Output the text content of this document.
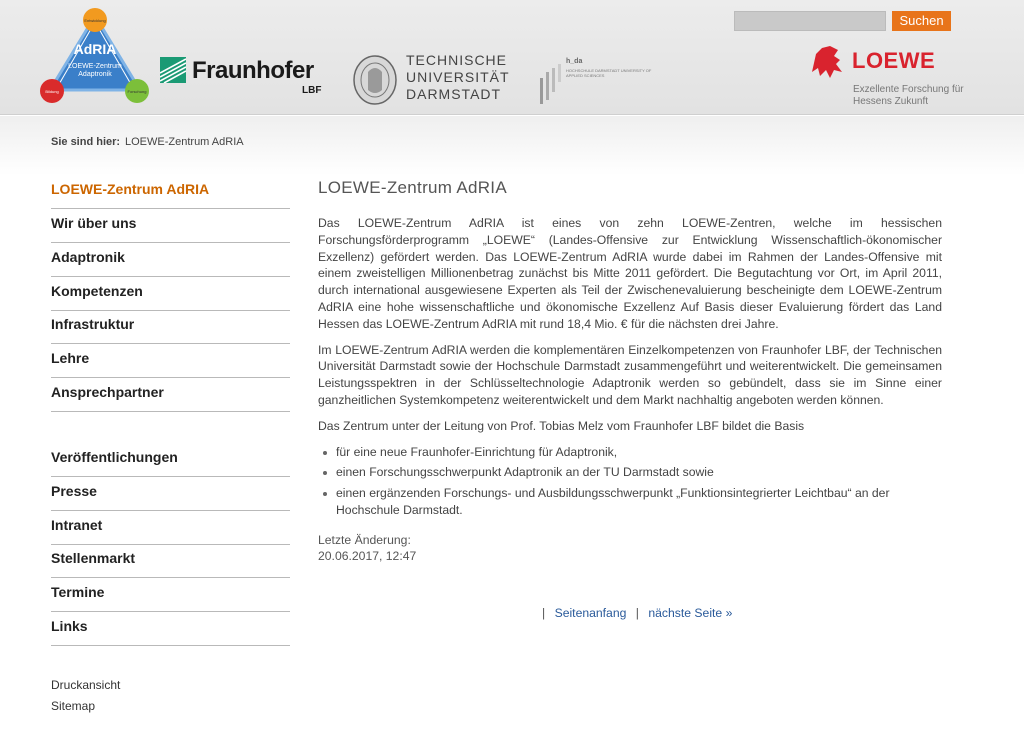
Suchen
AdRIA
LOEWE-Zentrum
Adaptronik
Entwicklung
Bildung	Forschung
Fraunhofer
LBF
TECHNISCHE
UNIVERSITÄT
DARMSTADT
h_da
HOCHSCHULE DARMSTADT UNIVERSITY OF APPLIED SCIENCES
LOEWE
Exzellente Forschung für
Hessens Zukunft
Sie sind hier: LOEWE-Zentrum AdRIA
LOEWE-Zentrum AdRIA
Wir über uns
Adaptronik
Kompetenzen
Infrastruktur
Lehre
Ansprechpartner
Veröffentlichungen
Presse
Intranet
Stellenmarkt
Termine
Links
Druckansicht
Sitemap
LOEWE-Zentrum AdRIA

Das LOEWE-Zentrum AdRIA ist eines von zehn LOEWE-Zentren, welche im hessischen Forschungsförderprogramm „LOEWE“ (Landes-Offensive zur Entwicklung Wissenschaftlich-ökonomischer Exzellenz) gefördert werden. Das LOEWE-Zentrum AdRIA wurde dabei im Rahmen der Landes-Offensive mit einem zweistelligen Millionenbetrag zunächst bis Mitte 2011 gefördert. Die Begutachtung vor Ort, im April 2011, durch international ausgewiesene Experten als Teil der Zwischenevaluierung bescheinigte dem LOEWE-Zentrum AdRIA eine hohe wissenschaftliche und ökonomische Exzellenz Auf Basis dieser Evaluierung fördert das Land Hessen das LOEWE-Zentrum AdRIA mit rund 18,4 Mio. € für die nächsten drei Jahre.

Im LOEWE-Zentrum AdRIA werden die komplementären Einzelkompetenzen von Fraunhofer LBF, der Technischen Universität Darmstadt sowie der Hochschule Darmstadt zusammengeführt und weiterentwickelt. Die gemeinsamen Leistungsspektren in der Schlüsseltechnologie Adaptronik werden so gebündelt, dass sie im Sinne einer ganzheitlichen Systemkompetenz weiterentwickelt und dem Markt nachhaltig angeboten werden können.

Das Zentrum unter der Leitung von Prof. Tobias Melz vom Fraunhofer LBF bildet die Basis

für eine neue Fraunhofer-Einrichtung für Adaptronik,
einen Forschungsschwerpunkt Adaptronik an der TU Darmstadt sowie
einen ergänzenden Forschungs- und Ausbildungsschwerpunkt „Funktionsintegrierter Leichtbau“ an der Hochschule Darmstadt.
Letzte Änderung:
20.06.2017, 12:47
| Seitenanfang | nächste Seite »
